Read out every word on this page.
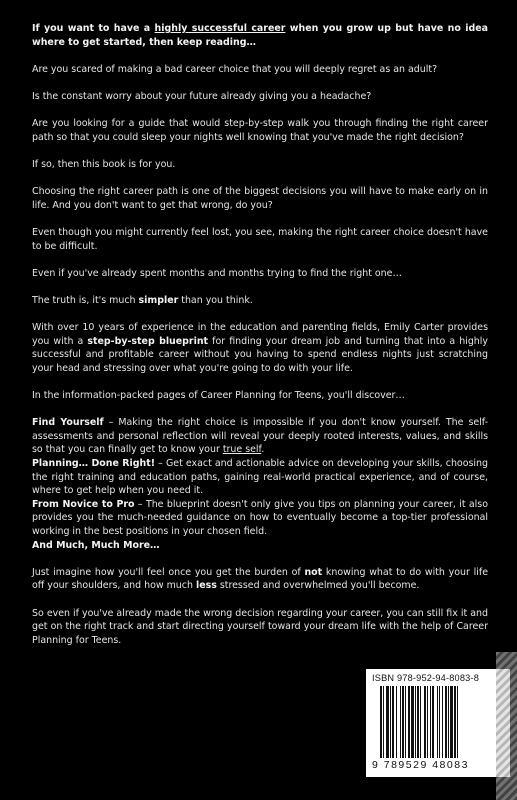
If you want to have a highly successful career when you grow up but have no idea where to get started, then keep reading…

Are you scared of making a bad career choice that you will deeply regret as an adult?

Is the constant worry about your future already giving you a headache?

Are you looking for a guide that would step-by-step walk you through finding the right career path so that you could sleep your nights well knowing that you've made the right decision?

If so, then this book is for you.

Choosing the right career path is one of the biggest decisions you will have to make early on in life. And you don't want to get that wrong, do you?

Even though you might currently feel lost, you see, making the right career choice doesn't have to be difficult.

Even if you've already spent months and months trying to find the right one…

The truth is, it's much simpler than you think.

With over 10 years of experience in the education and parenting fields, Emily Carter provides you with a step-by-step blueprint for finding your dream job and turning that into a highly successful and profitable career without you having to spend endless nights just scratching your head and stressing over what you're going to do with your life.

In the information-packed pages of Career Planning for Teens, you'll discover…

Find Yourself – Making the right choice is impossible if you don't know yourself. The self-assessments and personal reflection will reveal your deeply rooted interests, values, and skills so that you can finally get to know your true self.

Planning… Done Right! – Get exact and actionable advice on developing your skills, choosing the right training and education paths, gaining real-world practical experience, and of course, where to get help when you need it.

From Novice to Pro – The blueprint doesn't only give you tips on planning your career, it also provides you the much-needed guidance on how to eventually become a top-tier professional working in the best positions in your chosen field.

And Much, Much More…

Just imagine how you'll feel once you get the burden of not knowing what to do with your life off your shoulders, and how much less stressed and overwhelmed you'll become.

So even if you've already made the wrong decision regarding your career, you can still fix it and get on the right track and start directing yourself toward your dream life with the help of Career Planning for Teens.

ISBN 978-952-94-8083-8
9 789529 48083
